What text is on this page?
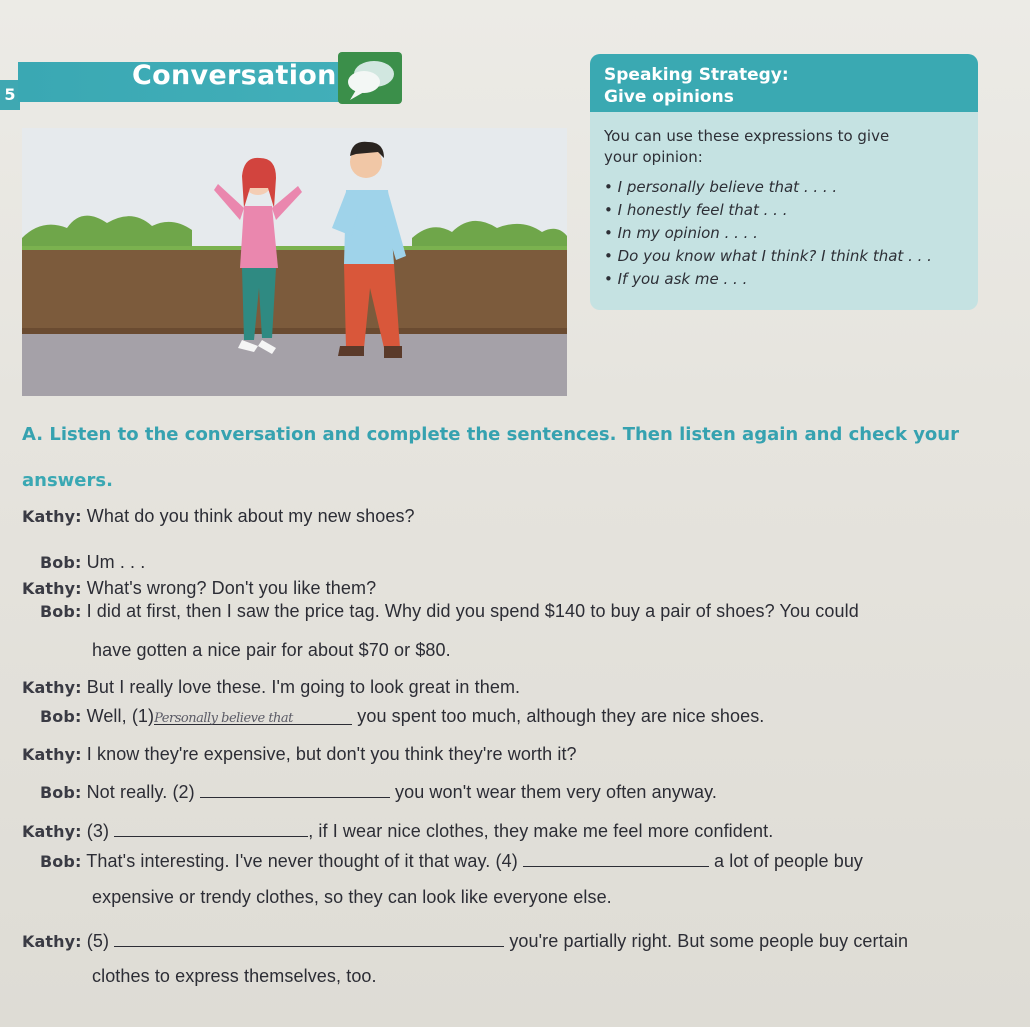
5
Conversation	Speaking Strategy:
Give opinions
You can use these expressions to give
your opinion:
• I personally believe that . . . .
• I honestly feel that . . .
• In my opinion . . . .
• Do you know what I think? I think that . . .
• If you ask me . . .
A. Listen to the conversation and complete the sentences. Then listen again and check your
answers.
Kathy: What do you think about my new shoes?
Bob: Um . . .
Kathy: What's wrong? Don't you like them?
Bob: I did at first, then I saw the price tag. Why did you spend $140 to buy a pair of shoes? You could
have gotten a nice pair for about $70 or $80.
Kathy: But I really love these. I'm going to look great in them.
Bob: Well, (1)Personally believe that	you spent too much, although they are nice shoes.
Kathy: I know they're expensive, but don't you think they're worth it?
Bob: Not really. (2)	you won't wear them very often anyway.
Kathy: (3)	, if I wear nice clothes, they make me feel more confident.
Bob: That's interesting. I've never thought of it that way. (4)	a lot of people buy
expensive or trendy clothes, so they can look like everyone else.
Kathy: (5)	you're partially right. But some people buy certain
clothes to express themselves, too.
